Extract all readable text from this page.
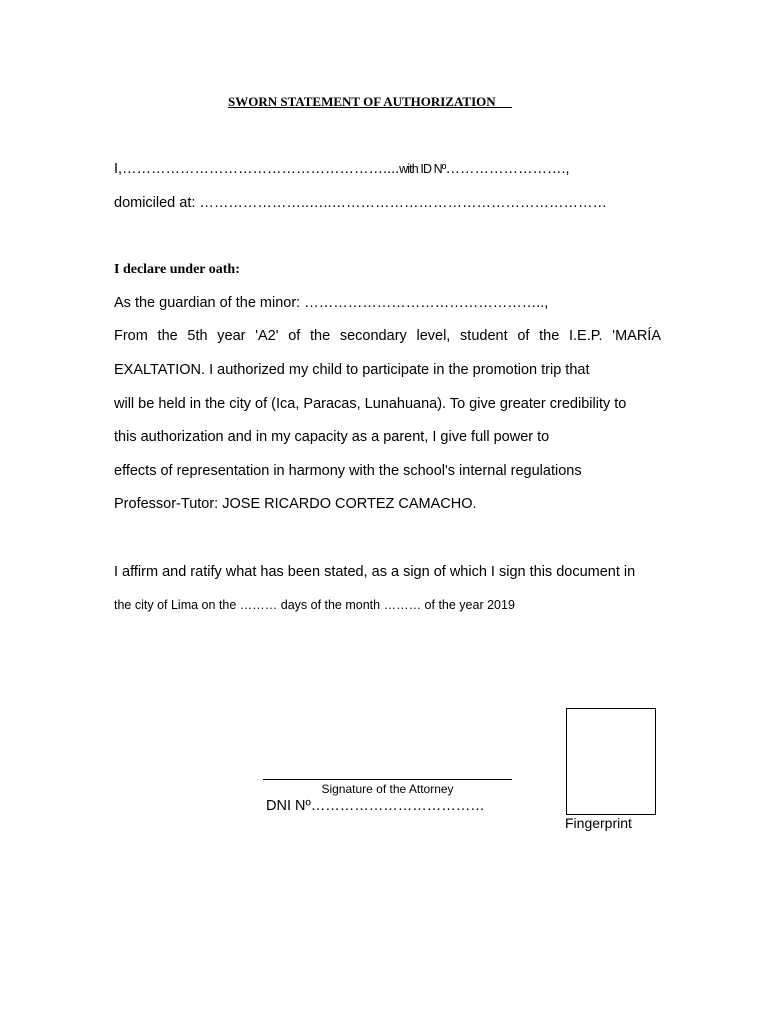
SWORN STATEMENT OF AUTHORIZATION
I,………………………………………………....with ID Nº…………………….,
domiciled at: …………………..…..…………………………………………………
I declare under oath:
As the guardian of the minor: …………………………………………..,
From the 5th year 'A2' of the secondary level, student of the I.E.P. 'MARÍA
EXALTATION. I authorized my child to participate in the promotion trip that
will be held in the city of (Ica, Paracas, Lunahuana). To give greater credibility to
this authorization and in my capacity as a parent, I give full power to
effects of representation in harmony with the school's internal regulations
Professor-Tutor: JOSE RICARDO CORTEZ CAMACHO.
I affirm and ratify what has been stated, as a sign of which I sign this document in
the city of Lima on the ……… days of the month ……… of the year 2019
Fingerprint
Signature of the Attorney
DNI Nº………………………………
